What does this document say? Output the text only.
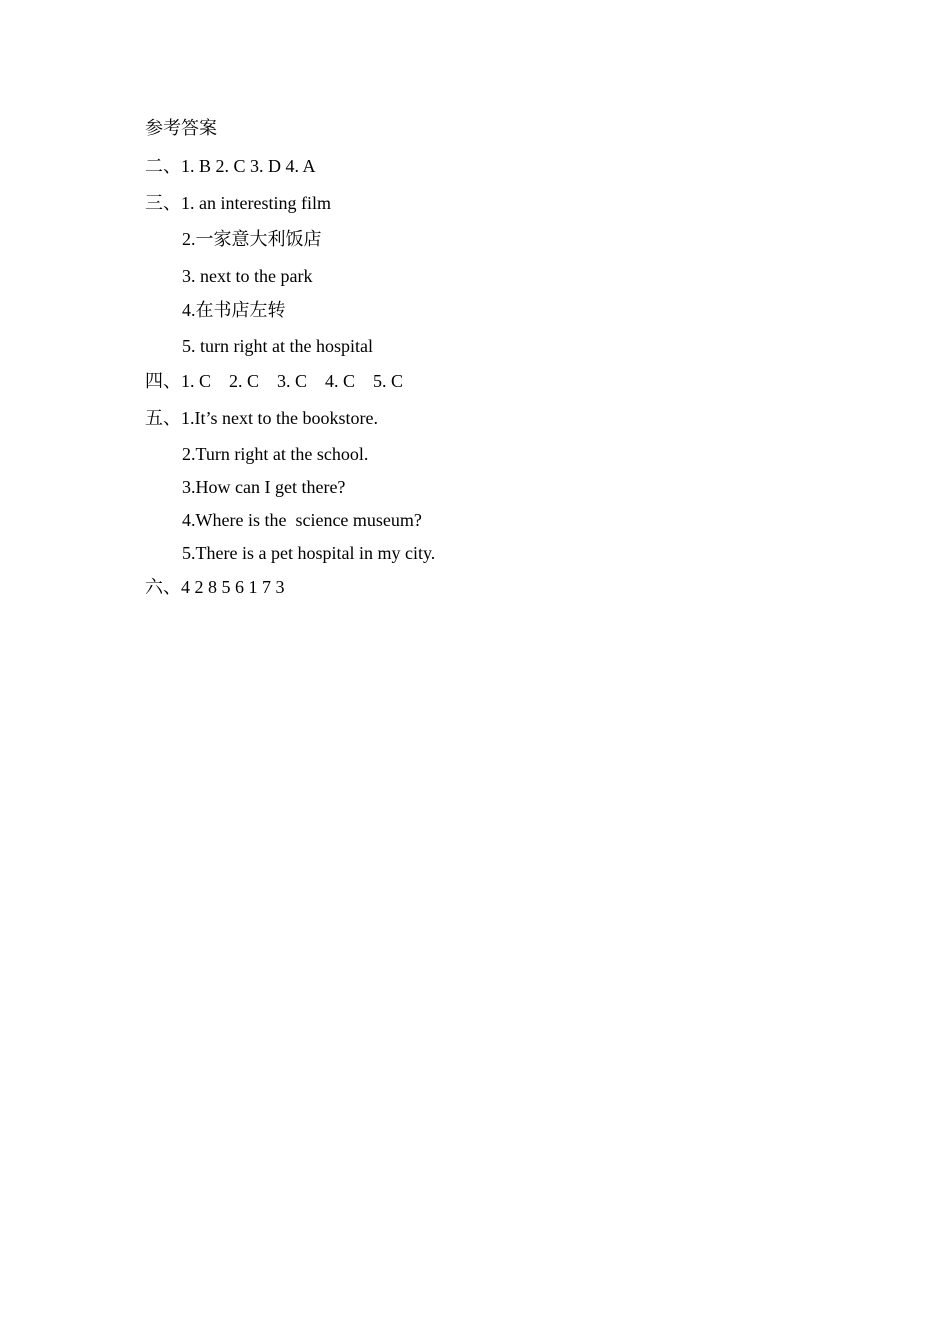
参考答案
二、1. B 2. C 3. D 4. A
三、1. an interesting film
2.一家意大利饭店
3. next to the park
4.在书店左转
5. turn right at the hospital
四、1. C    2. C    3. C    4. C    5. C
五、1.It’s next to the bookstore.
2.Turn right at the school.
3.How can I get there?
4.Where is the  science museum?
5.There is a pet hospital in my city.
六、4 2 8 5 6 1 7 3
